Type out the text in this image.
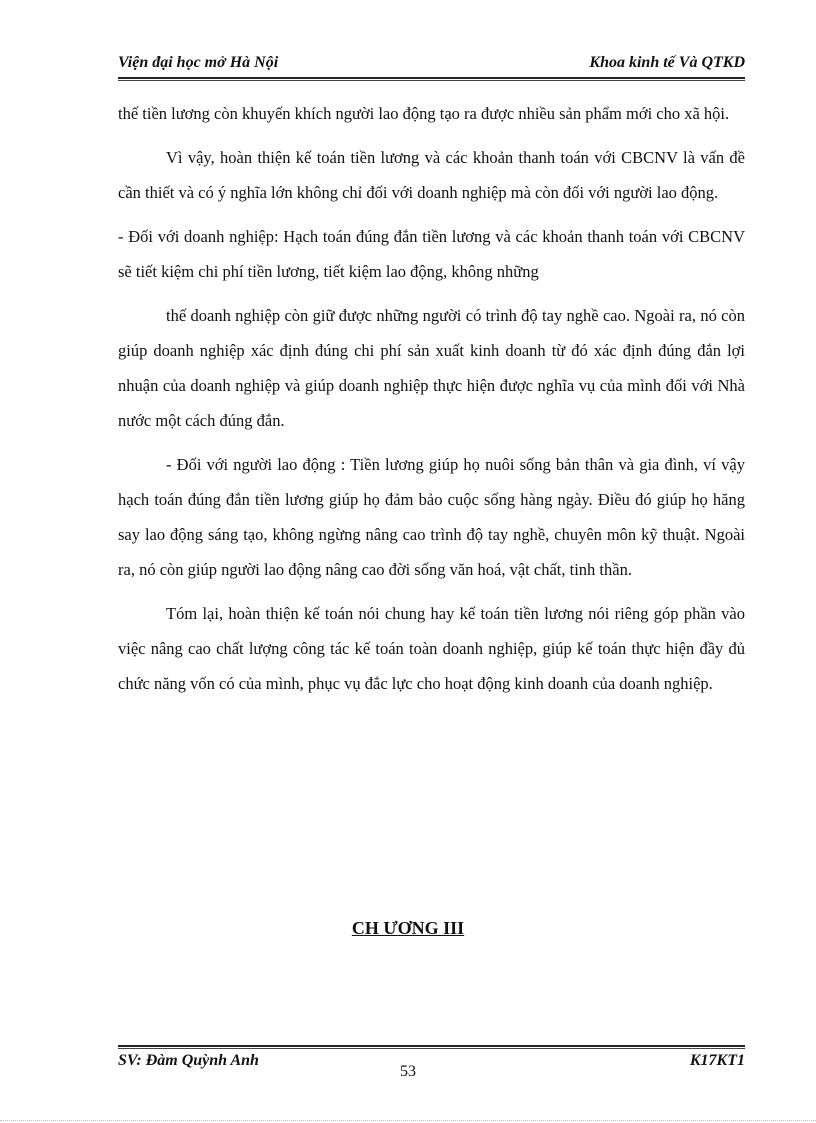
Viện đại học mở Hà Nội	Khoa kinh tế Và QTKD

thế tiền lương còn khuyến khích người lao động tạo ra được nhiều sản phẩm mới cho xã hội.

Vì vậy, hoàn thiện kế toán tiền lương và các khoản thanh toán với CBCNV là vấn đề cần thiết và có ý nghĩa lớn không chỉ đối với doanh nghiệp mà còn đối với người lao động.

- Đối với doanh nghiệp: Hạch toán đúng đắn tiền lương và các khoản thanh toán với CBCNV sẽ tiết kiệm chi phí tiền lương, tiết kiệm lao động, không những

thế doanh nghiệp còn giữ được những người có trình độ tay nghề cao. Ngoài ra, nó còn giúp doanh nghiệp xác định đúng chi phí sản xuất kinh doanh từ đó xác định đúng đắn lợi nhuận của doanh nghiệp và giúp doanh nghiệp thực hiện được nghĩa vụ của mình đối với Nhà nước một cách đúng đắn.

- Đối với người lao động : Tiền lương giúp họ nuôi sống bản thân và gia đình, ví vậy hạch toán đúng đắn tiền lương giúp họ đảm bảo cuộc sống hàng ngày. Điều đó giúp họ hăng say lao động sáng tạo, không ngừng nâng cao trình độ tay nghề, chuyên môn kỹ thuật. Ngoài ra, nó còn giúp người lao động nâng cao đời sống văn hoá, vật chất, tinh thần.

Tóm lại, hoàn thiện kế toán nói chung hay kế toán tiền lương nói riêng góp phần vào việc nâng cao chất lượng công tác kế toán toàn doanh nghiệp, giúp kế toán thực hiện đầy đủ chức năng vốn có của mình, phục vụ đắc lực cho hoạt động kinh doanh của doanh nghiệp.

CH ƯƠNG III
SV: Đàm Quỳnh Anh	K17KT1
53
